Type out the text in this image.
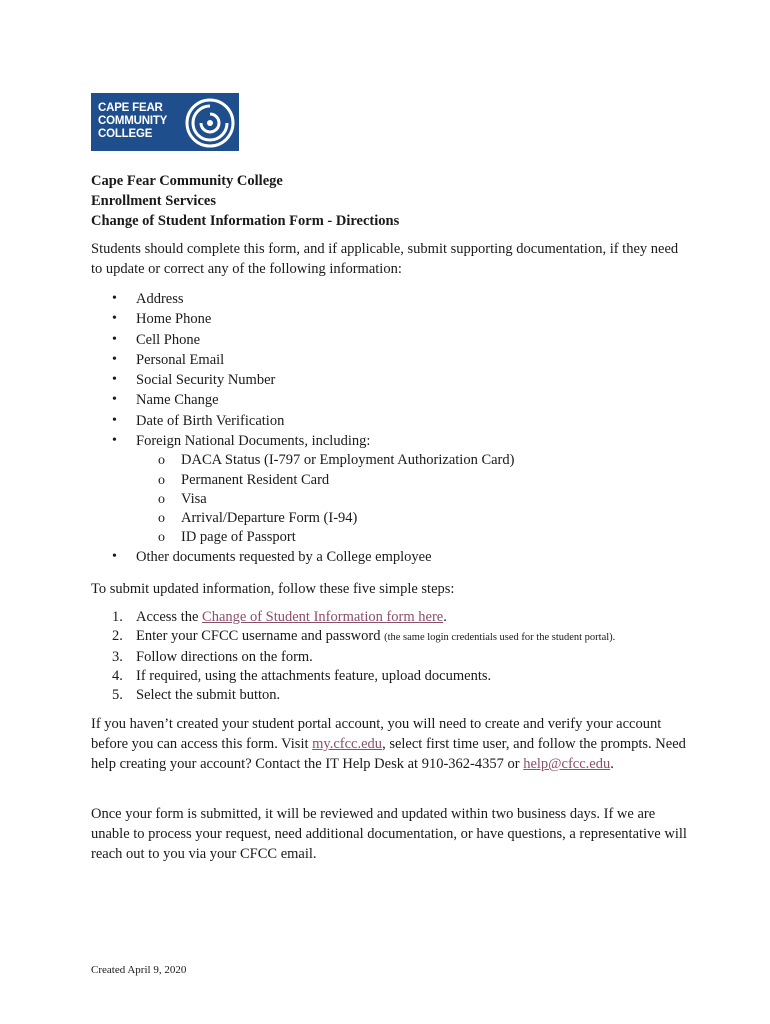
CAPE FEAR
COMMUNITY
COLLEGE
Cape Fear Community College
Enrollment Services
Change of Student Information Form - Directions
Students should complete this form, and if applicable, submit supporting documentation, if they need to update or correct any of the following information:
• Address
• Home Phone
• Cell Phone
• Personal Email
• Social Security Number
• Name Change
• Date of Birth Verification
• Foreign National Documents, including:
o DACA Status (I-797 or Employment Authorization Card)
o Permanent Resident Card
o Visa
o Arrival/Departure Form (I-94)
o ID page of Passport
• Other documents requested by a College employee
To submit updated information, follow these five simple steps:
1. Access the Change of Student Information form here.
2. Enter your CFCC username and password (the same login credentials used for the student portal).
3. Follow directions on the form.
4. If required, using the attachments feature, upload documents.
5. Select the submit button.
If you haven’t created your student portal account, you will need to create and verify your account before you can access this form. Visit my.cfcc.edu, select first time user, and follow the prompts. Need help creating your account? Contact the IT Help Desk at 910-362-4357 or help@cfcc.edu.
Once your form is submitted, it will be reviewed and updated within two business days. If we are unable to process your request, need additional documentation, or have questions, a representative will reach out to you via your CFCC email.
Created April 9, 2020
